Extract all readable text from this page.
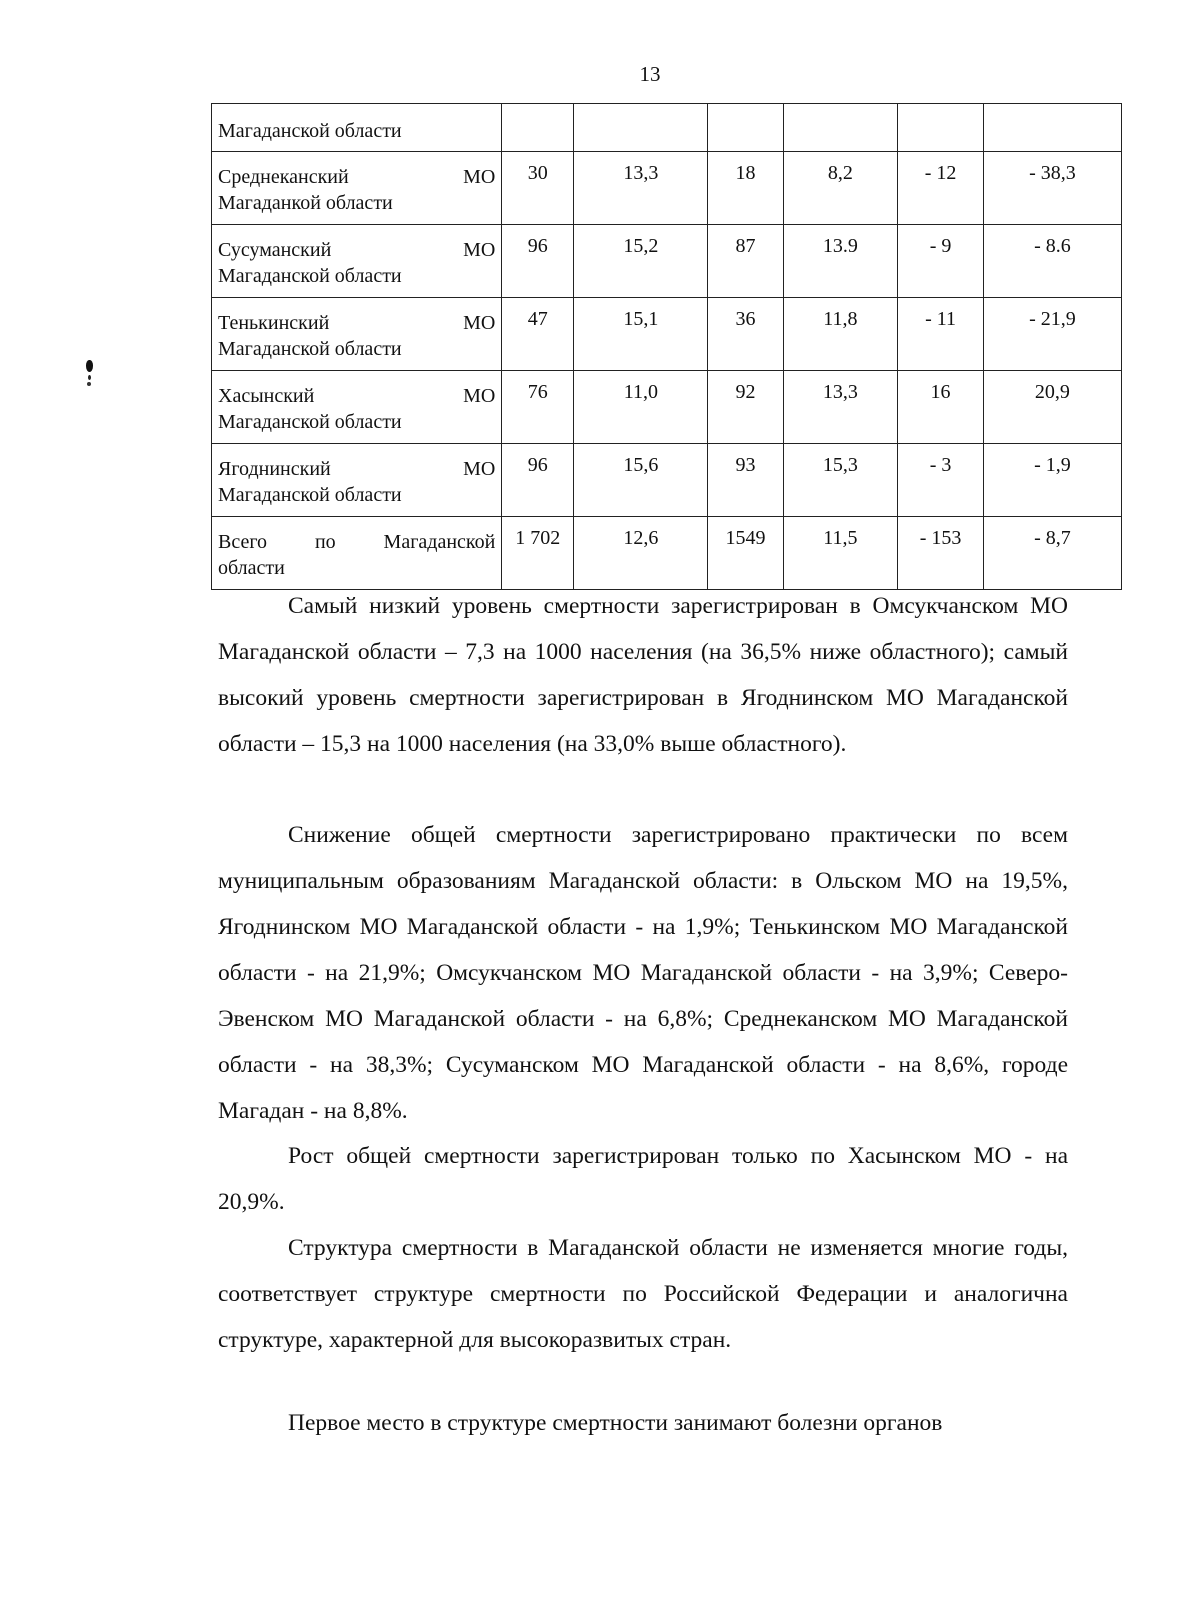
13
Магаданской области						

Среднеканский МО
Магаданкой области	30	13,3	18	8,2	- 12	- 38,3

Сусуманский МО
Магаданской области	96	15,2	87	13.9	- 9	- 8.6

Тенькинский МО
Магаданской области	47	15,1	36	11,8	- 11	- 21,9

Хасынский МО
Магаданской области	76	11,0	92	13,3	16	20,9

Ягоднинский МО
Магаданской области	96	15,6	93	15,3	- 3	- 1,9

Всего по Магаданской
области	1 702	12,6	1549	11,5	- 153	- 8,7

Самый низкий уровень смертности зарегистрирован в Омсукчанском МО Магаданской области – 7,3 на 1000 населения (на 36,5% ниже областного); самый высокий уровень смертности зарегистрирован в Ягоднинском МО Магаданской области – 15,3 на 1000 населения (на 33,0% выше областного).

Снижение общей смертности зарегистрировано практически по всем муниципальным образованиям Магаданской области: в Ольском МО на 19,5%, Ягоднинском МО Магаданской области - на 1,9%; Тенькинском МО Магаданской области - на 21,9%; Омсукчанском МО Магаданской области - на 3,9%; Северо-Эвенском МО Магаданской области - на 6,8%; Среднеканском МО Магаданской области - на 38,3%; Сусуманском МО Магаданской области - на 8,6%, городе Магадан - на 8,8%.

Рост общей смертности зарегистрирован только по Хасынском МО - на 20,9%.

Структура смертности в Магаданской области не изменяется многие годы, соответствует структуре смертности по Российской Федерации и аналогична структуре, характерной для высокоразвитых стран.

Первое место в структуре смертности занимают болезни органов
